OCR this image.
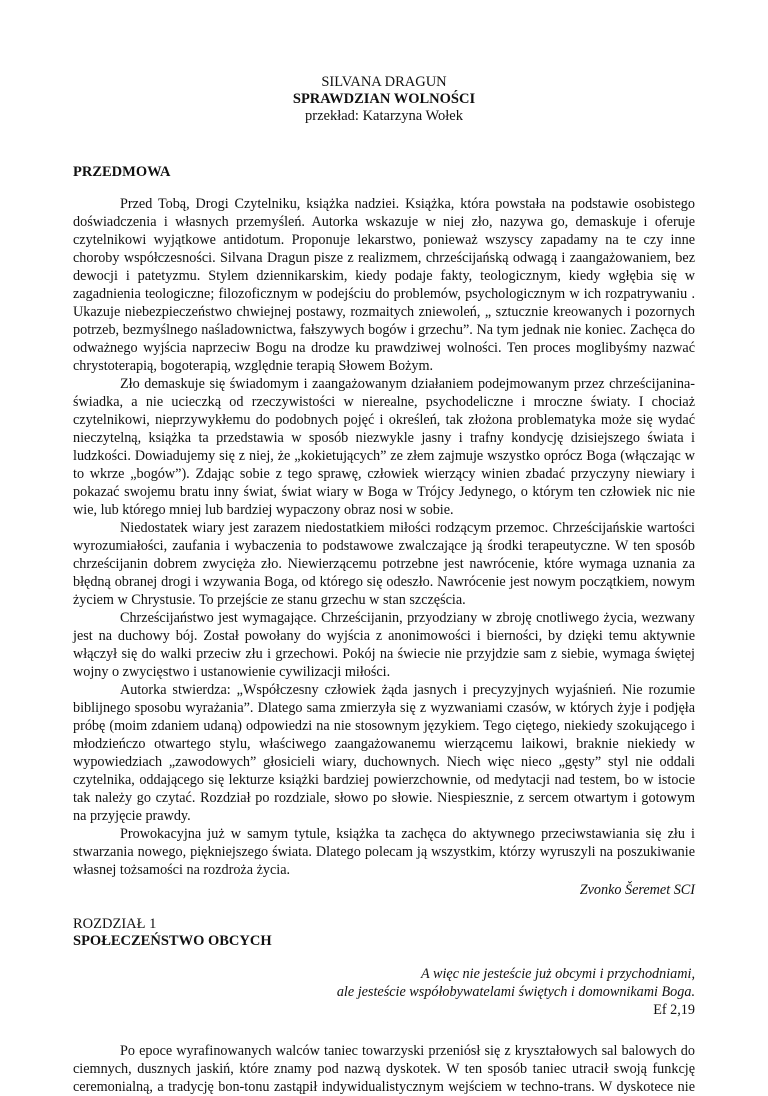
SILVANA DRAGUN
SPRAWDZIAN WOLNOŚCI
przekład: Katarzyna Wołek
PRZEDMOWA
Przed Tobą, Drogi Czytelniku, książka nadziei. Książka, która powstała na podstawie osobistego
doświadczenia i własnych przemyśleń. Autorka wskazuje w niej zło, nazywa go, demaskuje i oferuje
czytelnikowi wyjątkowe antidotum. Proponuje lekarstwo, ponieważ wszyscy zapadamy na te czy inne
choroby współczesności. Silvana Dragun pisze z realizmem, chrześcijańską odwagą i zaangażowaniem, bez
dewocji i patetyzmu. Stylem dziennikarskim, kiedy podaje fakty, teologicznym, kiedy wgłębia się w
zagadnienia teologiczne; filozoficznym w podejściu do problemów, psychologicznym w ich rozpatrywaniu .
Ukazuje niebezpieczeństwo chwiejnej postawy, rozmaitych zniewoleń, „ sztucznie kreowanych i pozornych
potrzeb, bezmyślnego naśladownictwa, fałszywych bogów i grzechu”. Na tym jednak nie koniec. Zachęca do
odważnego wyjścia naprzeciw Bogu na drodze ku prawdziwej wolności. Ten proces moglibyśmy nazwać
chrystoterapią, bogoterapią, względnie terapią Słowem Bożym.
Zło demaskuje się świadomym i zaangażowanym działaniem podejmowanym przez chrześcijanina-
świadka, a nie ucieczką od rzeczywistości w nierealne, psychodeliczne i mroczne światy. I chociaż
czytelnikowi, nieprzywykłemu do podobnych pojęć i określeń, tak złożona problematyka może się wydać
nieczytelną, książka ta przedstawia w sposób niezwykle jasny i trafny kondycję dzisiejszego świata i
ludzkości. Dowiadujemy się z niej, że „kokietujących” ze złem zajmuje wszystko oprócz Boga (włączając w
to wkrze „bogów”). Zdając sobie z tego sprawę, człowiek wierzący winien zbadać przyczyny niewiary i
pokazać swojemu bratu inny świat, świat wiary w Boga w Trójcy Jedynego, o którym ten człowiek nic nie
wie, lub którego mniej lub bardziej wypaczony obraz nosi w sobie.
Niedostatek wiary jest zarazem niedostatkiem miłości rodzącym przemoc. Chrześcijańskie wartości
wyrozumiałości, zaufania i wybaczenia to podstawowe zwalczające ją środki terapeutyczne. W ten sposób
chrześcijanin dobrem zwycięża zło. Niewierzącemu potrzebne jest nawrócenie, które wymaga uznania za
błędną obranej drogi i wzywania Boga, od którego się odeszło. Nawrócenie jest nowym początkiem, nowym
życiem w Chrystusie. To przejście ze stanu grzechu w stan szczęścia.
Chrześcijaństwo jest wymagające. Chrześcijanin, przyodziany w zbroję cnotliwego życia, wezwany
jest na duchowy bój. Został powołany do wyjścia z anonimowości i bierności, by dzięki temu aktywnie
włączył się do walki przeciw złu i grzechowi. Pokój na świecie nie przyjdzie sam z siebie, wymaga świętej
wojny o zwycięstwo i ustanowienie cywilizacji miłości.
Autorka stwierdza: „Współczesny człowiek żąda jasnych i precyzyjnych wyjaśnień. Nie rozumie
biblijnego sposobu wyrażania”. Dlatego sama zmierzyła się z wyzwaniami czasów, w których żyje i podjęła
próbę (moim zdaniem udaną) odpowiedzi na nie stosownym językiem. Tego ciętego, niekiedy szokującego i
młodzieńczo otwartego stylu, właściwego zaangażowanemu wierzącemu laikowi, braknie niekiedy w
wypowiedziach „zawodowych” głosicieli wiary, duchownych. Niech więc nieco „gęsty” styl nie oddali
czytelnika, oddającego się lekturze książki bardziej powierzchownie, od medytacji nad testem, bo w istocie
tak należy go czytać. Rozdział po rozdziale, słowo po słowie. Niespiesznie, z sercem otwartym i gotowym
na przyjęcie prawdy.
Prowokacyjna już w samym tytule, książka ta zachęca do aktywnego przeciwstawiania się złu i
stwarzania nowego, piękniejszego świata. Dlatego polecam ją wszystkim, którzy wyruszyli na poszukiwanie
własnej tożsamości na rozdroża życia.
Zvonko Šeremet SCI
ROZDZIAŁ 1
SPOŁECZEŃSTWO OBCYCH
A więc nie jesteście już obcymi i przychodniami,
ale jesteście współobywatelami świętych i domownikami Boga.
Ef 2,19
Po epoce wyrafinowanych walców taniec towarzyski przeniósł się z kryształowych sal balowych do
ciemnych, dusznych jaskiń, które znamy pod nazwą dyskotek. W ten sposób taniec utracił swoją funkcję
ceremonialną, a tradycję bon-tonu zastąpił indywidualistycznym wejściem w techno-trans. W dyskotece nie
